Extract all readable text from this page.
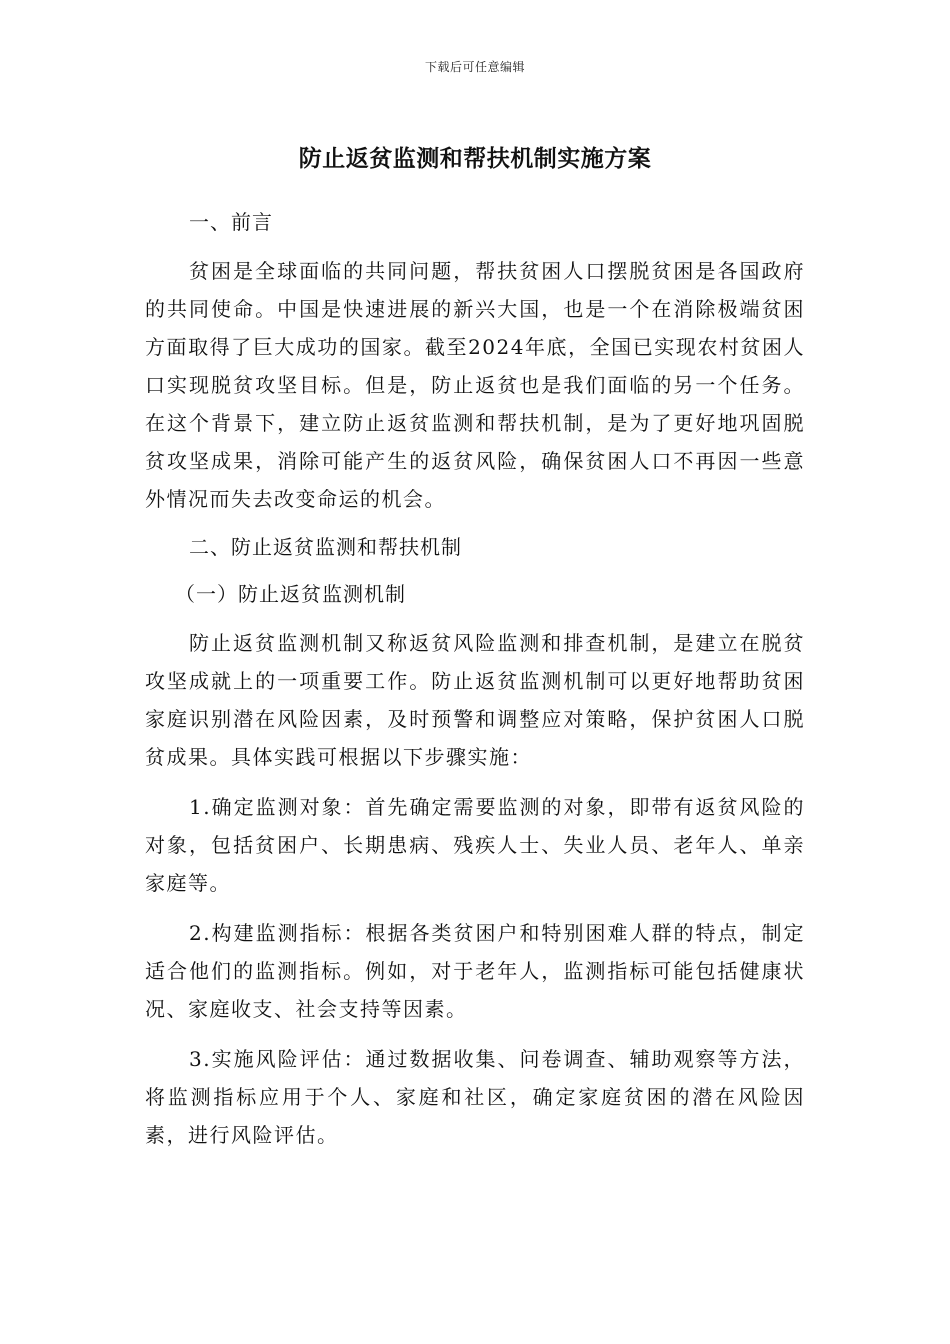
下载后可任意编辑
防止返贫监测和帮扶机制实施方案

一、前言

贫困是全球面临的共同问题，帮扶贫困人口摆脱贫困是各国政府的共同使命。中国是快速进展的新兴大国，也是一个在消除极端贫困方面取得了巨大成功的国家。截至2024年底，全国已实现农村贫困人口实现脱贫攻坚目标。但是，防止返贫也是我们面临的另一个任务。在这个背景下，建立防止返贫监测和帮扶机制，是为了更好地巩固脱贫攻坚成果，消除可能产生的返贫风险，确保贫困人口不再因一些意外情况而失去改变命运的机会。

二、防止返贫监测和帮扶机制

（一）防止返贫监测机制

防止返贫监测机制又称返贫风险监测和排查机制，是建立在脱贫攻坚成就上的一项重要工作。防止返贫监测机制可以更好地帮助贫困家庭识别潜在风险因素，及时预警和调整应对策略，保护贫困人口脱贫成果。具体实践可根据以下步骤实施：

1.确定监测对象：首先确定需要监测的对象，即带有返贫风险的对象，包括贫困户、长期患病、残疾人士、失业人员、老年人、单亲家庭等。

2.构建监测指标：根据各类贫困户和特别困难人群的特点，制定适合他们的监测指标。例如，对于老年人，监测指标可能包括健康状况、家庭收支、社会支持等因素。

3.实施风险评估：通过数据收集、问卷调查、辅助观察等方法，将监测指标应用于个人、家庭和社区，确定家庭贫困的潜在风险因素，进行风险评估。
